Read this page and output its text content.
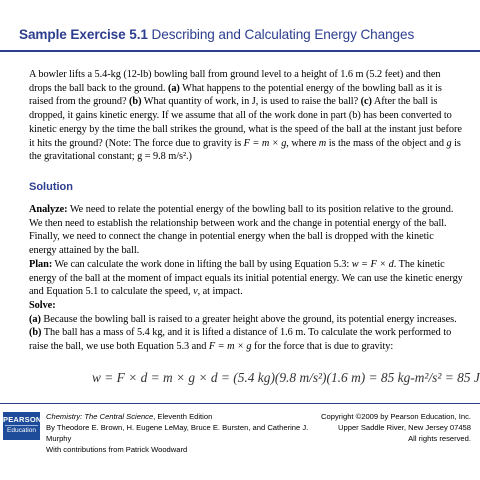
Sample Exercise 5.1 Describing and Calculating Energy Changes
A bowler lifts a 5.4-kg (12-lb) bowling ball from ground level to a height of 1.6 m (5.2 feet) and then drops the ball back to the ground. (a) What happens to the potential energy of the bowling ball as it is raised from the ground? (b) What quantity of work, in J, is used to raise the ball? (c) After the ball is dropped, it gains kinetic energy. If we assume that all of the work done in part (b) has been converted to kinetic energy by the time the ball strikes the ground, what is the speed of the ball at the instant just before it hits the ground? (Note: The force due to gravity is F = m × g, where m is the mass of the object and g is the gravitational constant; g = 9.8 m/s².)
Solution
Analyze: We need to relate the potential energy of the bowling ball to its position relative to the ground. We then need to establish the relationship between work and the change in potential energy of the ball. Finally, we need to connect the change in potential energy when the ball is dropped with the kinetic energy attained by the ball.
Plan: We can calculate the work done in lifting the ball by using Equation 5.3: w = F × d. The kinetic energy of the ball at the moment of impact equals its initial potential energy. We can use the kinetic energy and Equation 5.1 to calculate the speed, v, at impact.
Solve:
(a) Because the bowling ball is raised to a greater height above the ground, its potential energy increases.
(b) The ball has a mass of 5.4 kg, and it is lifted a distance of 1.6 m. To calculate the work performed to raise the ball, we use both Equation 5.3 and F = m × g for the force that is due to gravity:
w = F × d = m × g × d = (5.4 kg)(9.8 m/s²)(1.6 m) = 85 kg-m²/s² = 85 J
PEARSON
Education
Chemistry: The Central Science, Eleventh Edition
By Theodore E. Brown, H. Eugene LeMay, Bruce E. Bursten, and Catherine J. Murphy
With contributions from Patrick Woodward
Copyright ©2009 by Pearson Education, Inc.
Upper Saddle River, New Jersey 07458
All rights reserved.
